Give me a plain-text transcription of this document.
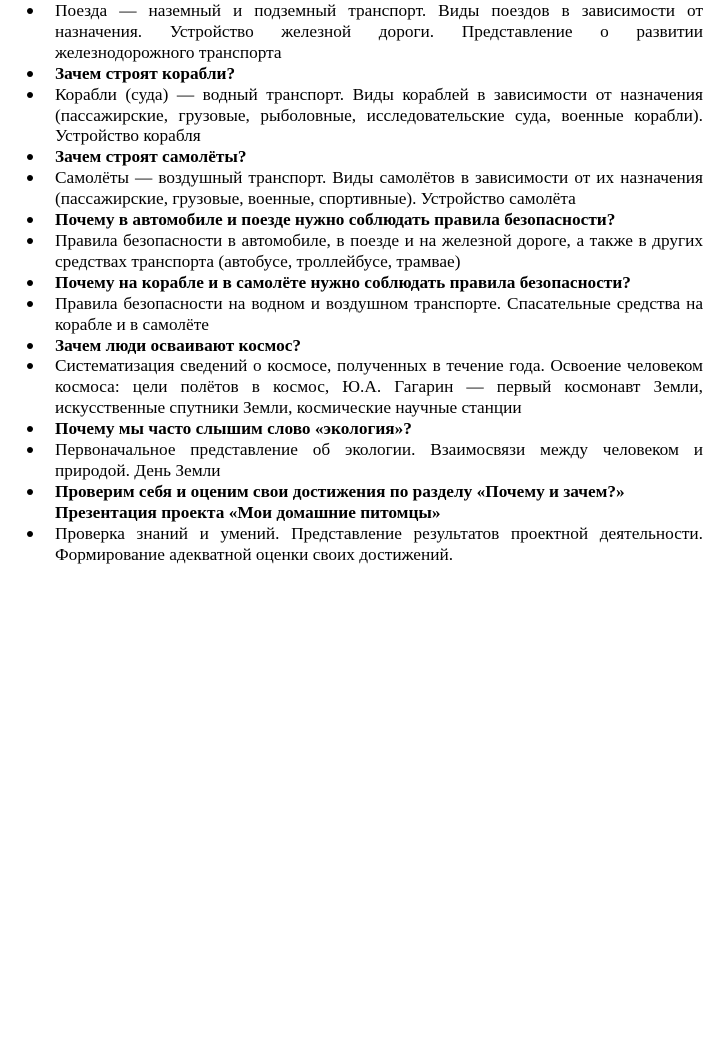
Поезда — наземный и подземный транспорт. Виды поездов в зависимости от назначения. Устройство железной дороги. Представление о развитии железнодорожного транспорта
Зачем строят корабли?
Корабли (суда) — водный транспорт. Виды кораблей в зависимости от назначения (пассажирские, грузовые, рыболовные, исследовательские суда, военные корабли). Устройство корабля
Зачем строят самолёты?
Самолёты — воздушный транспорт. Виды самолётов в зависимости от их назначения (пассажирские, грузовые, военные, спортивные). Устройство самолёта
Почему в автомобиле и поезде нужно соблюдать правила безопасности?
Правила безопасности в автомобиле, в поезде и на железной дороге, а также в других средствах транспорта (автобусе, троллейбусе, трамвае)
Почему на корабле и в самолёте нужно соблюдать правила безопасности?
Правила безопасности на водном и воздушном транспорте. Спасательные средства на корабле и в самолёте
Зачем люди осваивают космос?
Систематизация сведений о космосе, полученных в течение года. Освоение человеком космоса: цели полётов в космос, Ю.А. Гагарин — первый космонавт Земли, искусственные спутники Земли, космические научные станции
Почему мы часто слышим слово «экология»?
Первоначальное представление об экологии. Взаимосвязи между человеком и природой. День Земли
Проверим себя и оценим свои достижения по разделу «Почему и зачем?»
Презентация проекта «Мои домашние питомцы»
Проверка знаний и умений. Представление результатов проектной деятельности. Формирование адекватной оценки своих достижений.
